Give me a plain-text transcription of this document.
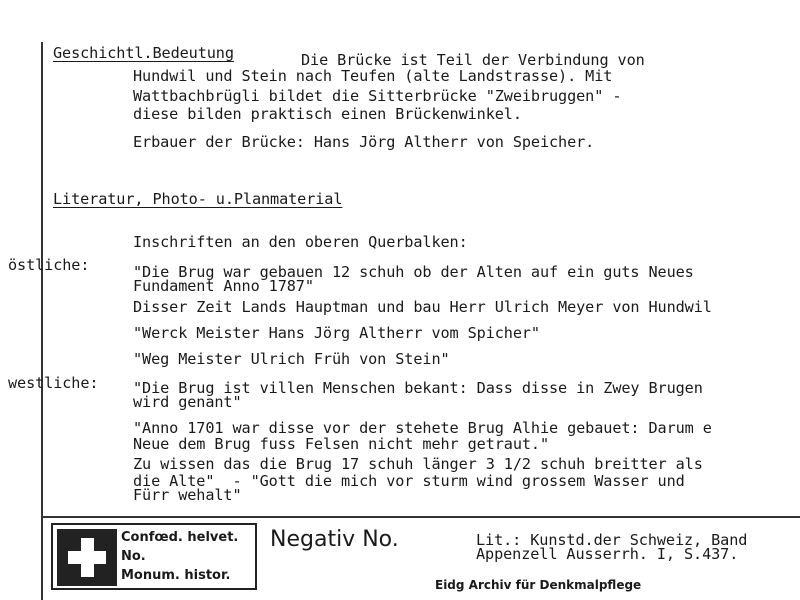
Geschichtl.Bedeutung	Die Brücke ist Teil der Verbindung von
Hundwil und Stein nach Teufen (alte Landstrasse). Mit
Wattbachbrügli bildet die Sitterbrücke "Zweibruggen" -
diese bilden praktisch einen Brückenwinkel.
Erbauer der Brücke: Hans Jörg Altherr von Speicher.
Literatur, Photo- u.Planmaterial
Inschriften an den oberen Querbalken:
östliche:	"Die Brug war gebauen 12 schuh ob der Alten auf ein guts Neues
Fundament Anno 1787"
Disser Zeit Lands Hauptman und bau Herr Ulrich Meyer von Hundwil
"Werck Meister Hans Jörg Altherr vom Spicher"
"Weg Meister Ulrich Früh von Stein"
westliche: "Die Brug ist villen Menschen bekant: Dass disse in Zwey Brugen
wird genant"
"Anno 1701 war disse vor der stehete Brug Alhie gebauet: Darum e
Neue dem Brug fuss Felsen nicht mehr getraut."
Zu wissen das die Brug 17 schuh länger 3 1/2 schuh breitter als
die Alte"  - "Gott die mich vor sturm wind grossem Wasser und
Fürr wehalt"
Confœd. helvet.
No.
Monum. histor.
Negativ No.	Lit.: Kunstd.der Schweiz, Band
Appenzell Ausserrh. I, S.437.
Eidg Archiv für Denkmalpflege
